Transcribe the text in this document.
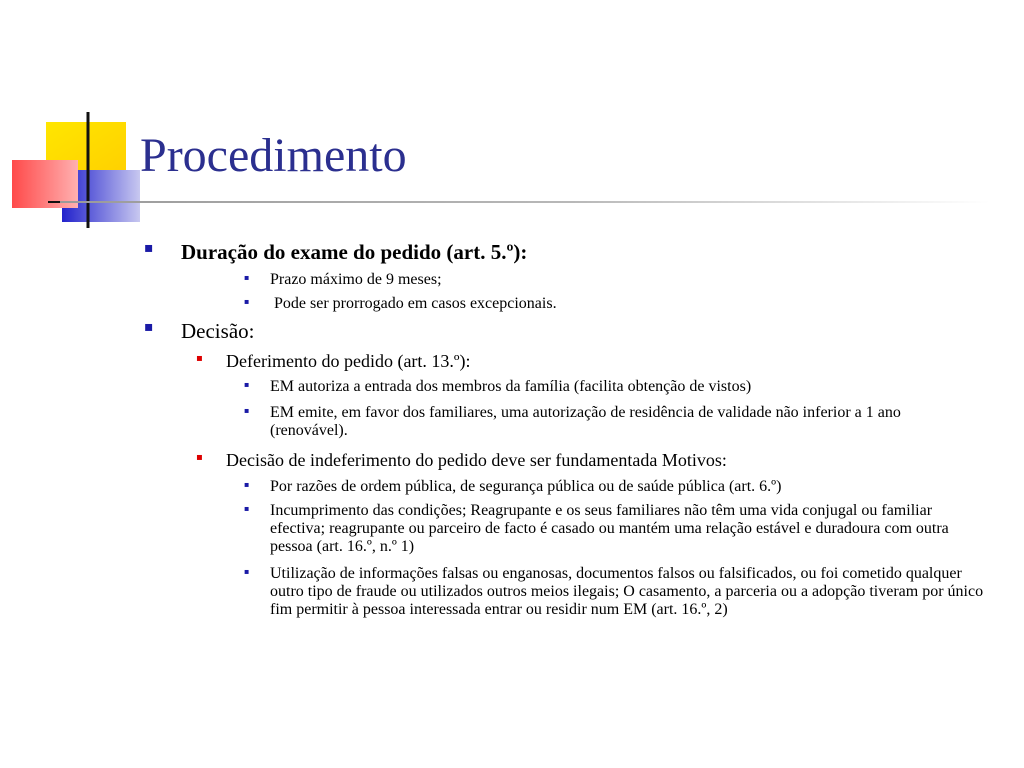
Procedimento
▪ Duração do exame do pedido (art. 5.º):
▪ Prazo máximo de 9 meses;
▪ Pode ser prorrogado em casos excepcionais.
▪ Decisão:
▪ Deferimento do pedido (art. 13.º):
▪ EM autoriza a entrada dos membros da família (facilita obtenção de vistos)
▪ EM emite, em favor dos familiares, uma autorização de residência de validade não inferior a 1 ano (renovável).
▪ Decisão de indeferimento do pedido deve ser fundamentada Motivos:
▪ Por razões de ordem pública, de segurança pública ou de saúde pública (art. 6.º)
▪ Incumprimento das condições; Reagrupante e os seus familiares não têm uma vida conjugal ou familiar efectiva; reagrupante ou parceiro de facto é casado ou mantém uma relação estável e duradoura com outra pessoa (art. 16.º, n.º 1)
▪ Utilização de informações falsas ou enganosas, documentos falsos ou falsificados, ou foi cometido qualquer outro tipo de fraude ou utilizados outros meios ilegais; O casamento, a parceria ou a adopção tiveram por único fim permitir à pessoa interessada entrar ou residir num EM (art. 16.º, 2)
